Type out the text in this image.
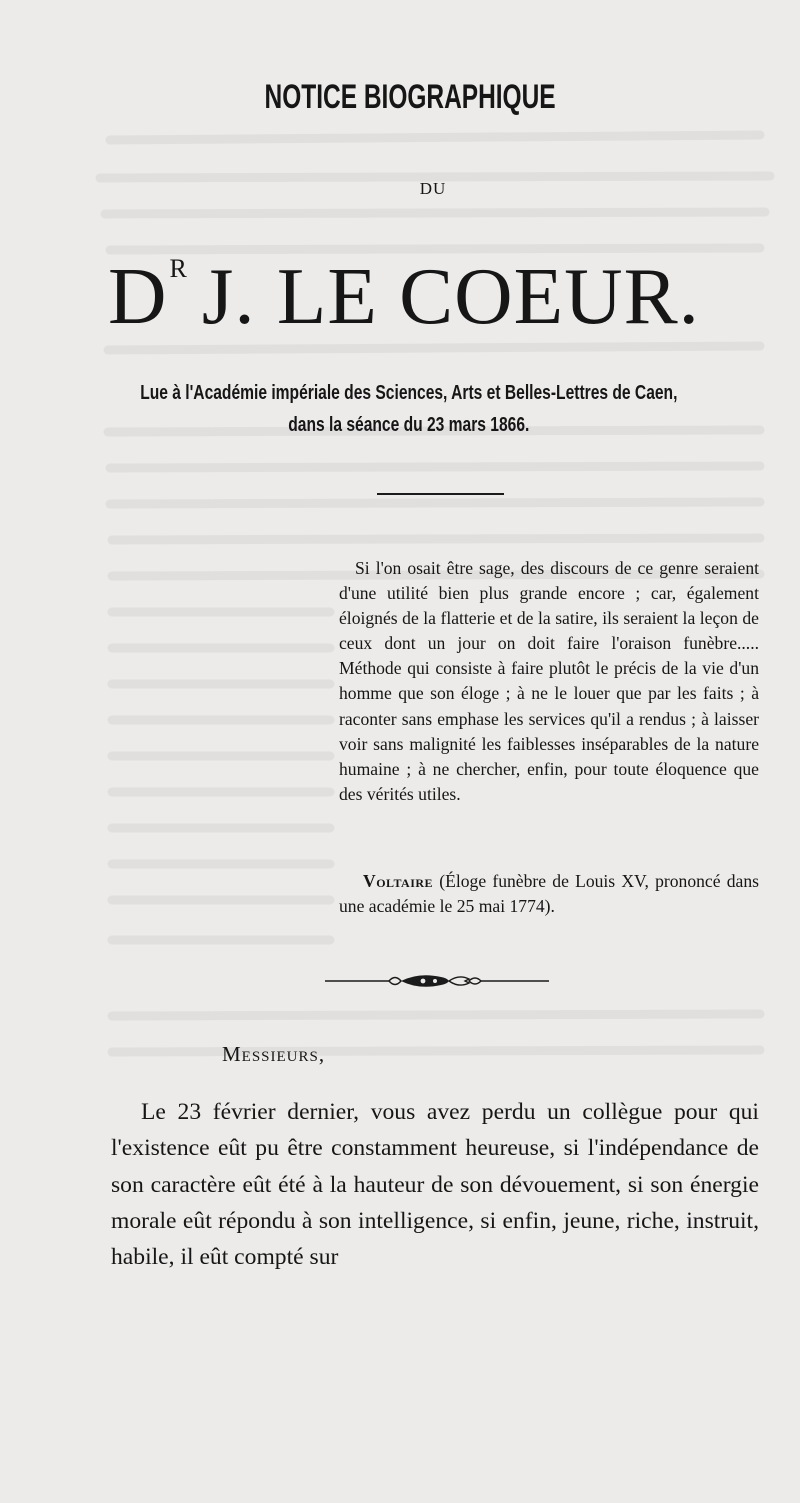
NOTICE BIOGRAPHIQUE
DU
$D^R$ J. LE COEUR.
Lue à l'Académie impériale des Sciences, Arts et Belles-Lettres de Caen,
dans la séance du 23 mars 1866.
Si l'on osait être sage, des discours de ce genre seraient d'une utilité bien plus grande encore ; car, également éloignés de la flatterie et de la satire, ils seraient la leçon de ceux dont un jour on doit faire l'oraison funèbre..... Méthode qui consiste à faire plutôt le précis de la vie d'un homme que son éloge ; à ne le louer que par les faits ; à raconter sans emphase les services qu'il a rendus ; à laisser voir sans malignité les faiblesses inséparables de la nature humaine ; à ne chercher, enfin, pour toute éloquence que des vérités utiles.
Voltaire (Éloge funèbre de Louis XV, prononcé dans une académie le 25 mai 1774).
Messieurs,
Le 23 février dernier, vous avez perdu un collègue pour qui l'existence eût pu être constamment heureuse, si l'indépendance de son caractère eût été à la hauteur de son dévouement, si son énergie morale eût répondu à son intelligence, si enfin, jeune, riche, instruit, habile, il eût compté sur
